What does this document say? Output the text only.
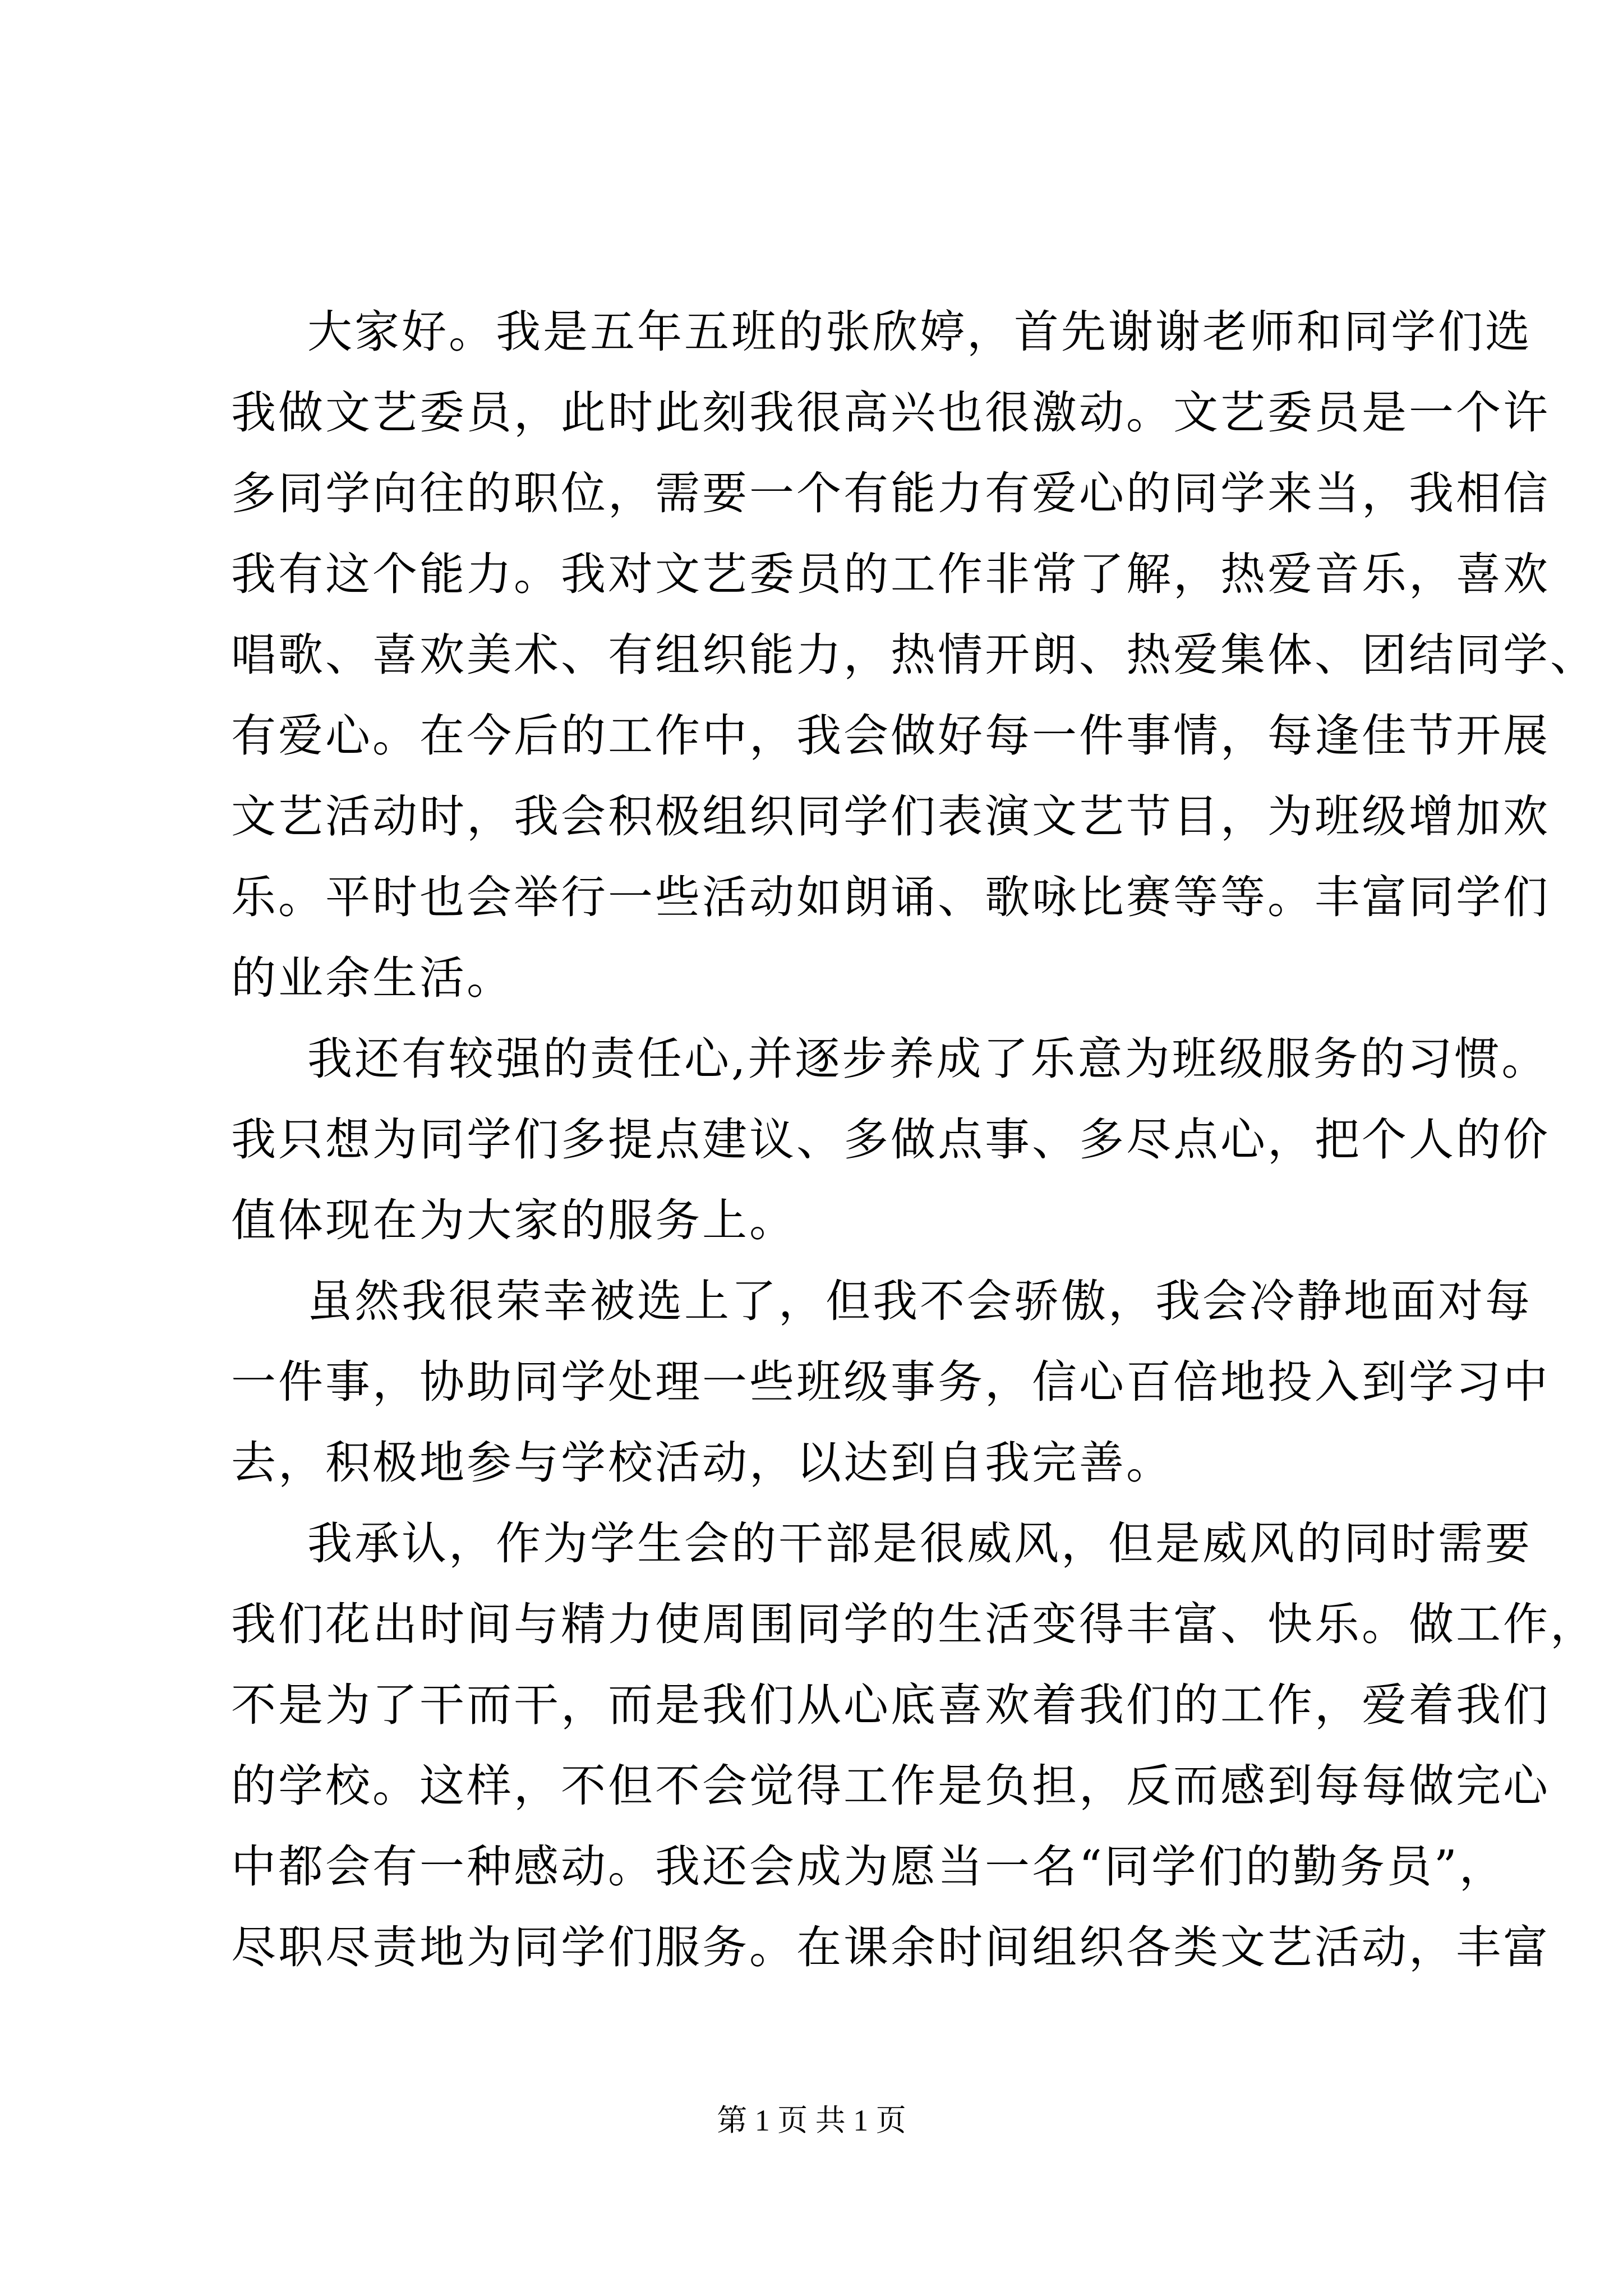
大家好。我是五年五班的张欣婷，首先谢谢老师和同学们选
我做文艺委员，此时此刻我很高兴也很激动。文艺委员是一个许
多同学向往的职位，需要一个有能力有爱心的同学来当，我相信
我有这个能力。我对文艺委员的工作非常了解，热爱音乐，喜欢
唱歌、喜欢美术、有组织能力，热情开朗、热爱集体、团结同学、
有爱心。在今后的工作中，我会做好每一件事情，每逢佳节开展
文艺活动时，我会积极组织同学们表演文艺节目，为班级增加欢
乐。平时也会举行一些活动如朗诵、歌咏比赛等等。丰富同学们
的业余生活。
我还有较强的责任心,并逐步养成了乐意为班级服务的习惯。
我只想为同学们多提点建议、多做点事、多尽点心，把个人的价
值体现在为大家的服务上。
虽然我很荣幸被选上了，但我不会骄傲，我会冷静地面对每
一件事，协助同学处理一些班级事务，信心百倍地投入到学习中
去，积极地参与学校活动，以达到自我完善。
我承认，作为学生会的干部是很威风，但是威风的同时需要
我们花出时间与精力使周围同学的生活变得丰富、快乐。做工作，
不是为了干而干，而是我们从心底喜欢着我们的工作，爱着我们
的学校。这样，不但不会觉得工作是负担，反而感到每每做完心
中都会有一种感动。我还会成为愿当一名“同学们的勤务员”，
尽职尽责地为同学们服务。在课余时间组织各类文艺活动，丰富
第 1 页 共 1 页
